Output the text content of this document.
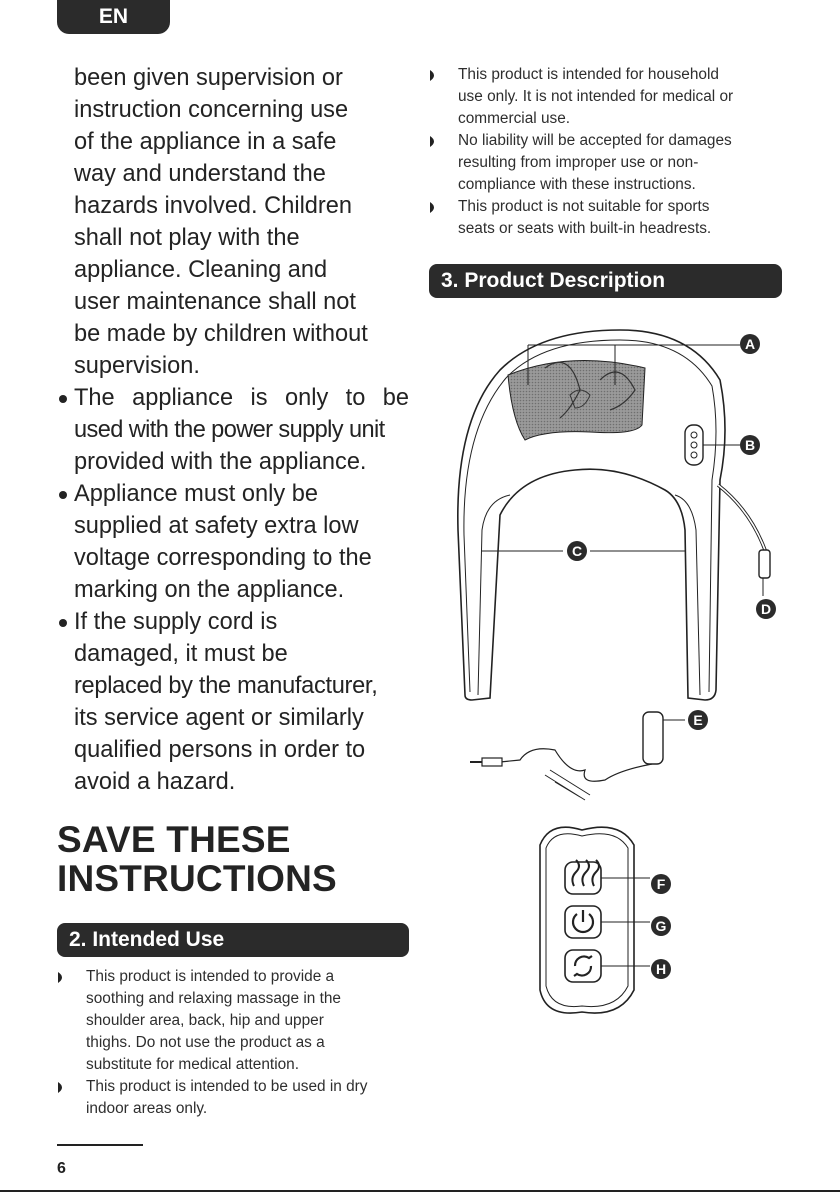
EN
been given supervision or
instruction concerning use
of the appliance in a safe
way and understand the
hazards involved. Children
shall not play with the
appliance. Cleaning and
user maintenance shall not
be made by children without
supervision.
The appliance is only to be
used with the power supply unit
provided with the appliance.
Appliance must only be
supplied at safety extra low
voltage corresponding to the
marking on the appliance.
If the supply cord is
damaged, it must be
replaced by the manufacturer,
its service agent or similarly
qualified persons in order to
avoid a hazard.
SAVE THESE
INSTRUCTIONS
2. Intended Use
This product is intended to provide a
soothing and relaxing massage in the
shoulder area, back, hip and upper
thighs. Do not use the product as a
substitute for medical attention.
This product is intended to be used in dry
indoor areas only.
This product is intended for household
use only. It is not intended for medical or
commercial use.
No liability will be accepted for damages
resulting from improper use or non-
compliance with these instructions.
This product is not suitable for sports
seats or seats with built-in headrests.
3. Product Description
A
B
C
D
E
F
G
H
6
